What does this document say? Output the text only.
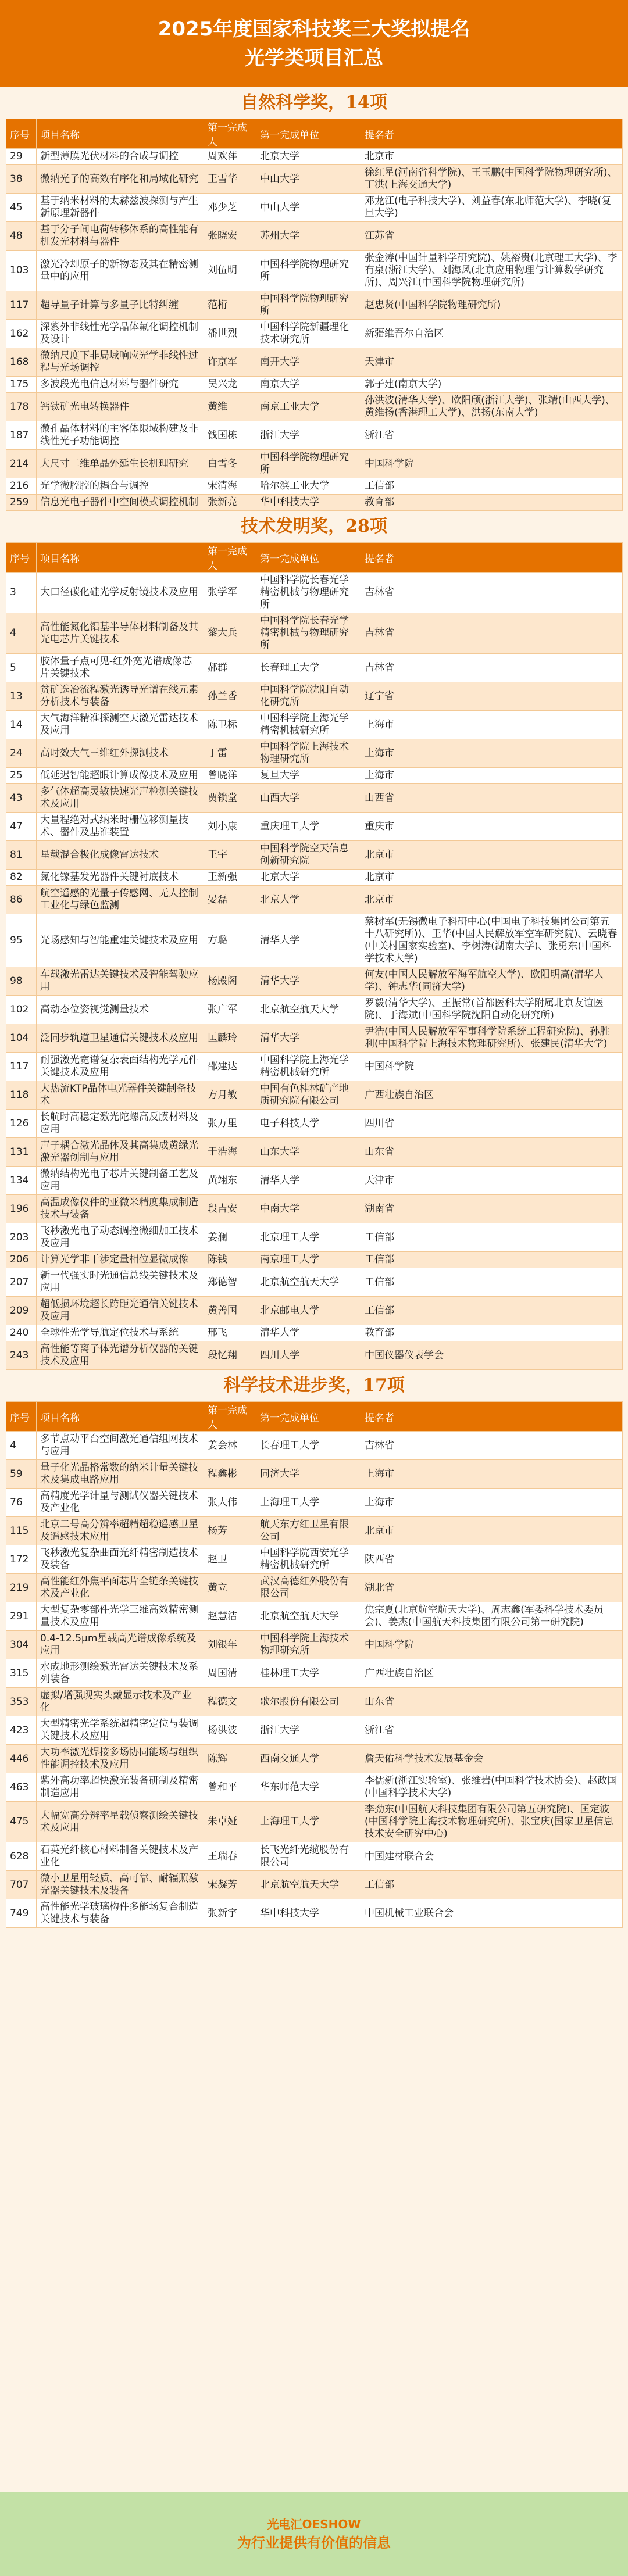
2025年度国家科技奖三大奖拟提名
光学类项目汇总
自然科学奖，14项
序号	项目名称	第一完成人	第一完成单位	提名者
29	新型薄膜光伏材料的合成与调控	周欢萍	北京大学	北京市
38	微纳光子的高效有序化和局域化研究	王雪华	中山大学	徐红星(河南省科学院)、王玉鹏(中国科学院物理研究所)、丁洪(上海交通大学)
45	基于纳米材料的太赫兹波探测与产生新原理新器件	邓少芝	中山大学	邓龙江(电子科技大学)、刘益春(东北师范大学)、李晓(复旦大学)
48	基于分子间电荷转移体系的高性能有机发光材料与器件	张晓宏	苏州大学	江苏省
103	激光冷却原子的新物态及其在精密测量中的应用	刘伍明	中国科学院物理研究所	张金涛(中国计量科学研究院)、姚裕贵(北京理工大学)、李有泉(浙江大学)、刘海风(北京应用物理与计算数学研究所)、周兴江(中国科学院物理研究所)
117	超导量子计算与多量子比特纠缠	范桁	中国科学院物理研究所	赵忠贤(中国科学院物理研究所)
162	深紫外非线性光学晶体氟化调控机制及设计	潘世烈	中国科学院新疆理化技术研究所	新疆维吾尔自治区
168	微纳尺度下非局域响应光学非线性过程与光场调控	许京军	南开大学	天津市
175	多波段光电信息材料与器件研究	吴兴龙	南京大学	郭子建(南京大学)
178	钙钛矿光电转换器件	黄维	南京工业大学	孙洪波(清华大学)、欧阳颀(浙江大学)、张靖(山西大学)、黄维扬(香港理工大学)、洪扬(东南大学)
187	微孔晶体材料的主客体限域构建及非线性光子功能调控	钱国栋	浙江大学	浙江省
214	大尺寸二维单晶外延生长机理研究	白雪冬	中国科学院物理研究所	中国科学院
216	光学微腔腔的耦合与调控	宋清海	哈尔滨工业大学	工信部
259	信息光电子器件中空间模式调控机制	张新亮	华中科技大学	教育部
技术发明奖，28项
序号	项目名称	第一完成人	第一完成单位	提名者
3	大口径碳化硅光学反射镜技术及应用	张学军	中国科学院长春光学精密机械与物理研究所	吉林省
4	高性能氮化铝基半导体材料制备及其光电芯片关键技术	黎大兵	中国科学院长春光学精密机械与物理研究所	吉林省
5	胶体量子点可见-红外宽光谱成像芯片关键技术	郝群	长春理工大学	吉林省
13	贫矿选冶流程激光诱导光谱在线元素分析技术与装备	孙兰香	中国科学院沈阳自动化研究所	辽宁省
14	大气海洋精准探测空天激光雷达技术及应用	陈卫标	中国科学院上海光学精密机械研究所	上海市
24	高时效大气三维红外探测技术	丁雷	中国科学院上海技术物理研究所	上海市
25	低延迟智能超眼计算成像技术及应用	曾晓洋	复旦大学	上海市
43	多气体超高灵敏快速光声检测关键技术及应用	贾锁堂	山西大学	山西省
47	大量程绝对式纳米时栅位移测量技术、器件及基准装置	刘小康	重庆理工大学	重庆市
81	星载混合极化成像雷达技术	王宇	中国科学院空天信息创新研究院	北京市
82	氮化镓基发光器件关键衬底技术	王新强	北京大学	北京市
86	航空遥感的光量子传感网、无人控制工业化与绿色监测	晏磊	北京大学	北京市
95	光场感知与智能重建关键技术及应用	方璐	清华大学	蔡树军(无锡微电子科研中心(中国电子科技集团公司第五十八研究所))、王华(中国人民解放军空军研究院)、云晓春(中关村国家实验室)、李树涛(湖南大学)、张勇东(中国科学技术大学)
98	车载激光雷达关键技术及智能驾驶应用	杨殿阁	清华大学	何友(中国人民解放军海军航空大学)、欧阳明高(清华大学)、钟志华(同济大学)
102	高动态位姿视觉测量技术	张广军	北京航空航天大学	罗毅(清华大学)、王振常(首都医科大学附属北京友谊医院)、于海斌(中国科学院沈阳自动化研究所)
104	泛同步轨道卫星通信关键技术及应用	匡麟玲	清华大学	尹浩(中国人民解放军军事科学院系统工程研究院)、孙胜利(中国科学院上海技术物理研究所)、张建民(清华大学)
117	耐强激光宽谱复杂表面结构光学元件关键技术及应用	邵建达	中国科学院上海光学精密机械研究所	中国科学院
118	大热流KTP晶体电光器件关键制备技术	方月敏	中国有色桂林矿产地质研究院有限公司	广西壮族自治区
126	长航时高稳定激光陀螺高反膜材料及应用	张万里	电子科技大学	四川省
131	声子耦合激光晶体及其高集成黄绿光激光器创制与应用	于浩海	山东大学	山东省
134	微纳结构光电子芯片关键制备工艺及应用	黄翊东	清华大学	天津市
196	高温成像仪件的亚微米精度集成制造技术与装备	段吉安	中南大学	湖南省
203	飞秒激光电子动态调控微细加工技术及应用	姜澜	北京理工大学	工信部
206	计算光学非干涉定量相位显微成像	陈钱	南京理工大学	工信部
207	新一代强实时光通信总线关键技术及应用	郑德智	北京航空航天大学	工信部
209	超低损环境超长跨距光通信关键技术及应用	黄善国	北京邮电大学	工信部
240	全球性光学导航定位技术与系统	邢飞	清华大学	教育部
243	高性能等离子体光谱分析仪器的关键技术及应用	段忆翔	四川大学	中国仪器仪表学会
科学技术进步奖，17项
序号	项目名称	第一完成人	第一完成单位	提名者
4	多节点动平台空间激光通信组网技术与应用	姜会林	长春理工大学	吉林省
59	量子化光晶格常数的纳米计量关键技术及集成电路应用	程鑫彬	同济大学	上海市
76	高精度光学计量与测试仪器关键技术及产业化	张大伟	上海理工大学	上海市
115	北京二号高分辨率超精超稳遥感卫星及遥感技术应用	杨芳	航天东方红卫星有限公司	北京市
172	飞秒激光复杂曲面光纤精密制造技术及装备	赵卫	中国科学院西安光学精密机械研究所	陕西省
219	高性能红外焦平面芯片全链条关键技术及产业化	黄立	武汉高德红外股份有限公司	湖北省
291	大型复杂零部件光学三维高效精密测量技术及应用	赵慧洁	北京航空航天大学	焦宗夏(北京航空航天大学)、周志鑫(军委科学技术委员会)、姜杰(中国航天科技集团有限公司第一研究院)
304	0.4-12.5μm星载高光谱成像系统及应用	刘银年	中国科学院上海技术物理研究所	中国科学院
315	水成地形测绘激光雷达关键技术及系列装备	周国清	桂林理工大学	广西壮族自治区
353	虚拟/增强现实头戴显示技术及产业化	程德文	歌尔股份有限公司	山东省
423	大型精密光学系统超精密定位与装调关键技术及应用	杨洪波	浙江大学	浙江省
446	大功率激光焊接多场协同能场与组织性能调控技术及应用	陈辉	西南交通大学	詹天佑科学技术发展基金会
463	紫外高功率超快激光装备研制及精密制造应用	曾和平	华东师范大学	李儒新(浙江实验室)、张维岩(中国科学技术协会)、赵政国(中国科学技术大学)
475	大幅宽高分辨率星载侦察测绘关键技术及应用	朱卓娅	上海理工大学	李劲东(中国航天科技集团有限公司第五研究院)、匡定波(中国科学院上海技术物理研究所)、张宝庆(国家卫星信息技术安全研究中心)
628	石英光纤核心材料制备关键技术及产业化	王瑞春	长飞光纤光缆股份有限公司	中国建材联合会
707	微小卫星用轻质、高可靠、耐辐照激光器关键技术及装备	宋凝芳	北京航空航天大学	工信部
749	高性能光学玻璃构件多能场复合制造关键技术与装备	张新宇	华中科技大学	中国机械工业联合会
光电汇OESHOW
为行业提供有价值的信息
